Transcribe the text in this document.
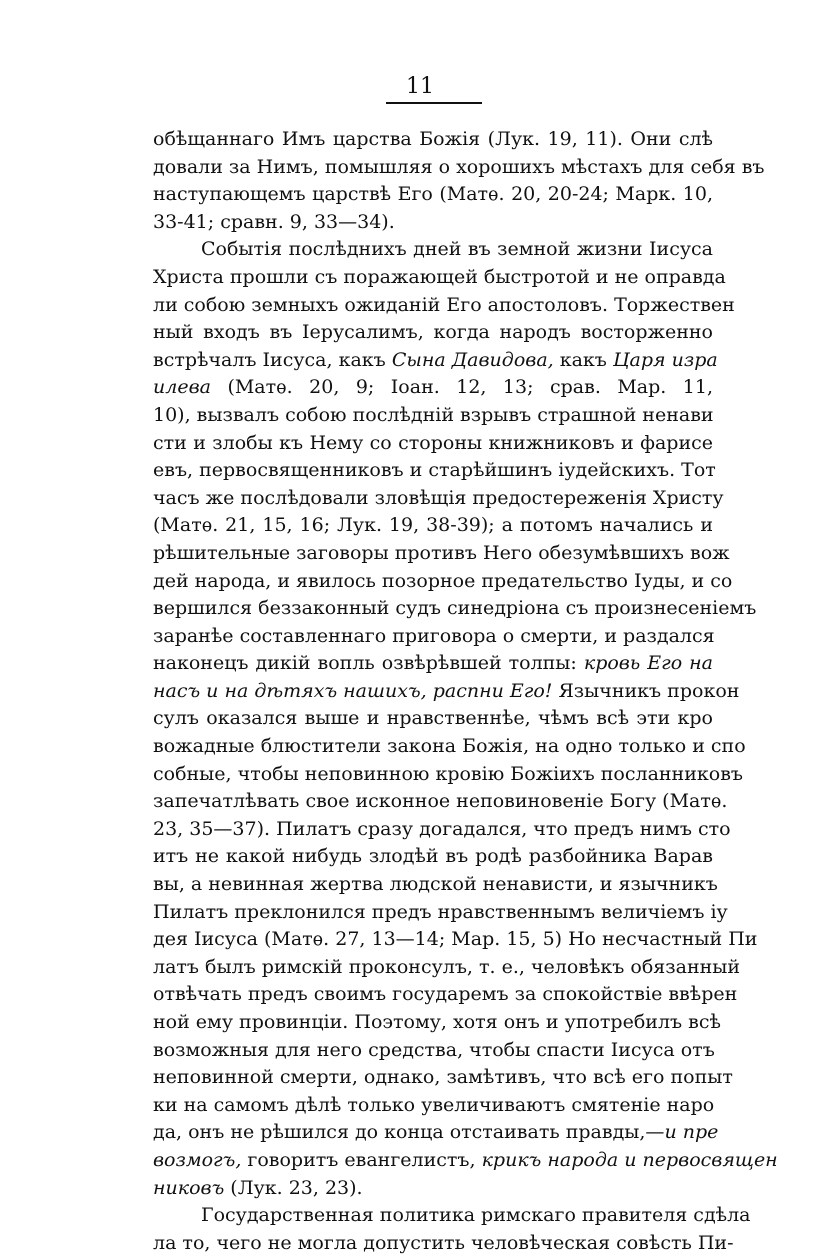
11
обѣщаннаго Имъ царства Божія (Лук. 19, 11). Они слѣ
довали за Нимъ, помышляя о хорошихъ мѣстахъ для себя въ
наступающемъ царствѣ Его (Матѳ. 20, 20-24; Марк. 10,
33-41; сравн. 9, 33—34).
Событія послѣднихъ дней въ земной жизни Іисуса
Христа прошли съ поражающей быстротой и не оправда
ли собою земныхъ ожиданій Его апостоловъ. Торжествен
ный входъ въ Іерусалимъ, когда народъ восторженно
встрѣчалъ Іисуса, какъ Сына Давидова, какъ Царя изра
илева (Матѳ. 20, 9; Іоан. 12, 13; срав. Мар. 11,
10), вызвалъ собою послѣдній взрывъ страшной ненави
сти и злобы къ Нему со стороны книжниковъ и фарисе
евъ, первосвященниковъ и старѣйшинъ іудейскихъ. Тот
часъ же послѣдовали зловѣщія предостереженія Христу
(Матѳ. 21, 15, 16; Лук. 19, 38-39); а потомъ начались и
рѣшительные заговоры противъ Него обезумѣвшихъ вож
дей народа, и явилось позорное предательство Іуды, и со
вершился беззаконный судъ синедріона съ произнесеніемъ
заранѣе составленнаго приговора о смерти, и раздался
наконецъ дикій вопль озвѣрѣвшей толпы: кровь Его на
насъ и на дѣтяхъ нашихъ, распни Его! Язычникъ прокон
сулъ оказался выше и нравственнѣе, чѣмъ всѣ эти кро
вожадные блюстители закона Божія, на одно только и спо
собные, чтобы неповинною кровію Божіихъ посланниковъ
запечатлѣвать свое исконное неповиновеніе Богу (Матѳ.
23, 35—37). Пилатъ сразу догадался, что предъ нимъ сто
итъ не какой нибудь злодѣй въ родѣ разбойника Варав
вы, а невинная жертва людской ненависти, и язычникъ
Пилатъ преклонился предъ нравственнымъ величіемъ іу
дея Іисуса (Матѳ. 27, 13—14; Мар. 15, 5) Но несчастный Пи
латъ былъ римскій проконсулъ, т. е., человѣкъ обязанный
отвѣчать предъ своимъ государемъ за спокойствіе ввѣрен
ной ему провинціи. Поэтому, хотя онъ и употребилъ всѣ
возможныя для него средства, чтобы спасти Іисуса отъ
неповинной смерти, однако, замѣтивъ, что всѣ его попыт
ки на самомъ дѣлѣ только увеличиваютъ смятеніе наро
да, онъ не рѣшился до конца отстаивать правды,—и пре
возмогъ, говоритъ евангелистъ, крикъ народа и первосвящен
никовъ (Лук. 23, 23).
Государственная политика римскаго правителя сдѣла
ла то, чего не могла допустить человѣческая совѣсть Пи-
